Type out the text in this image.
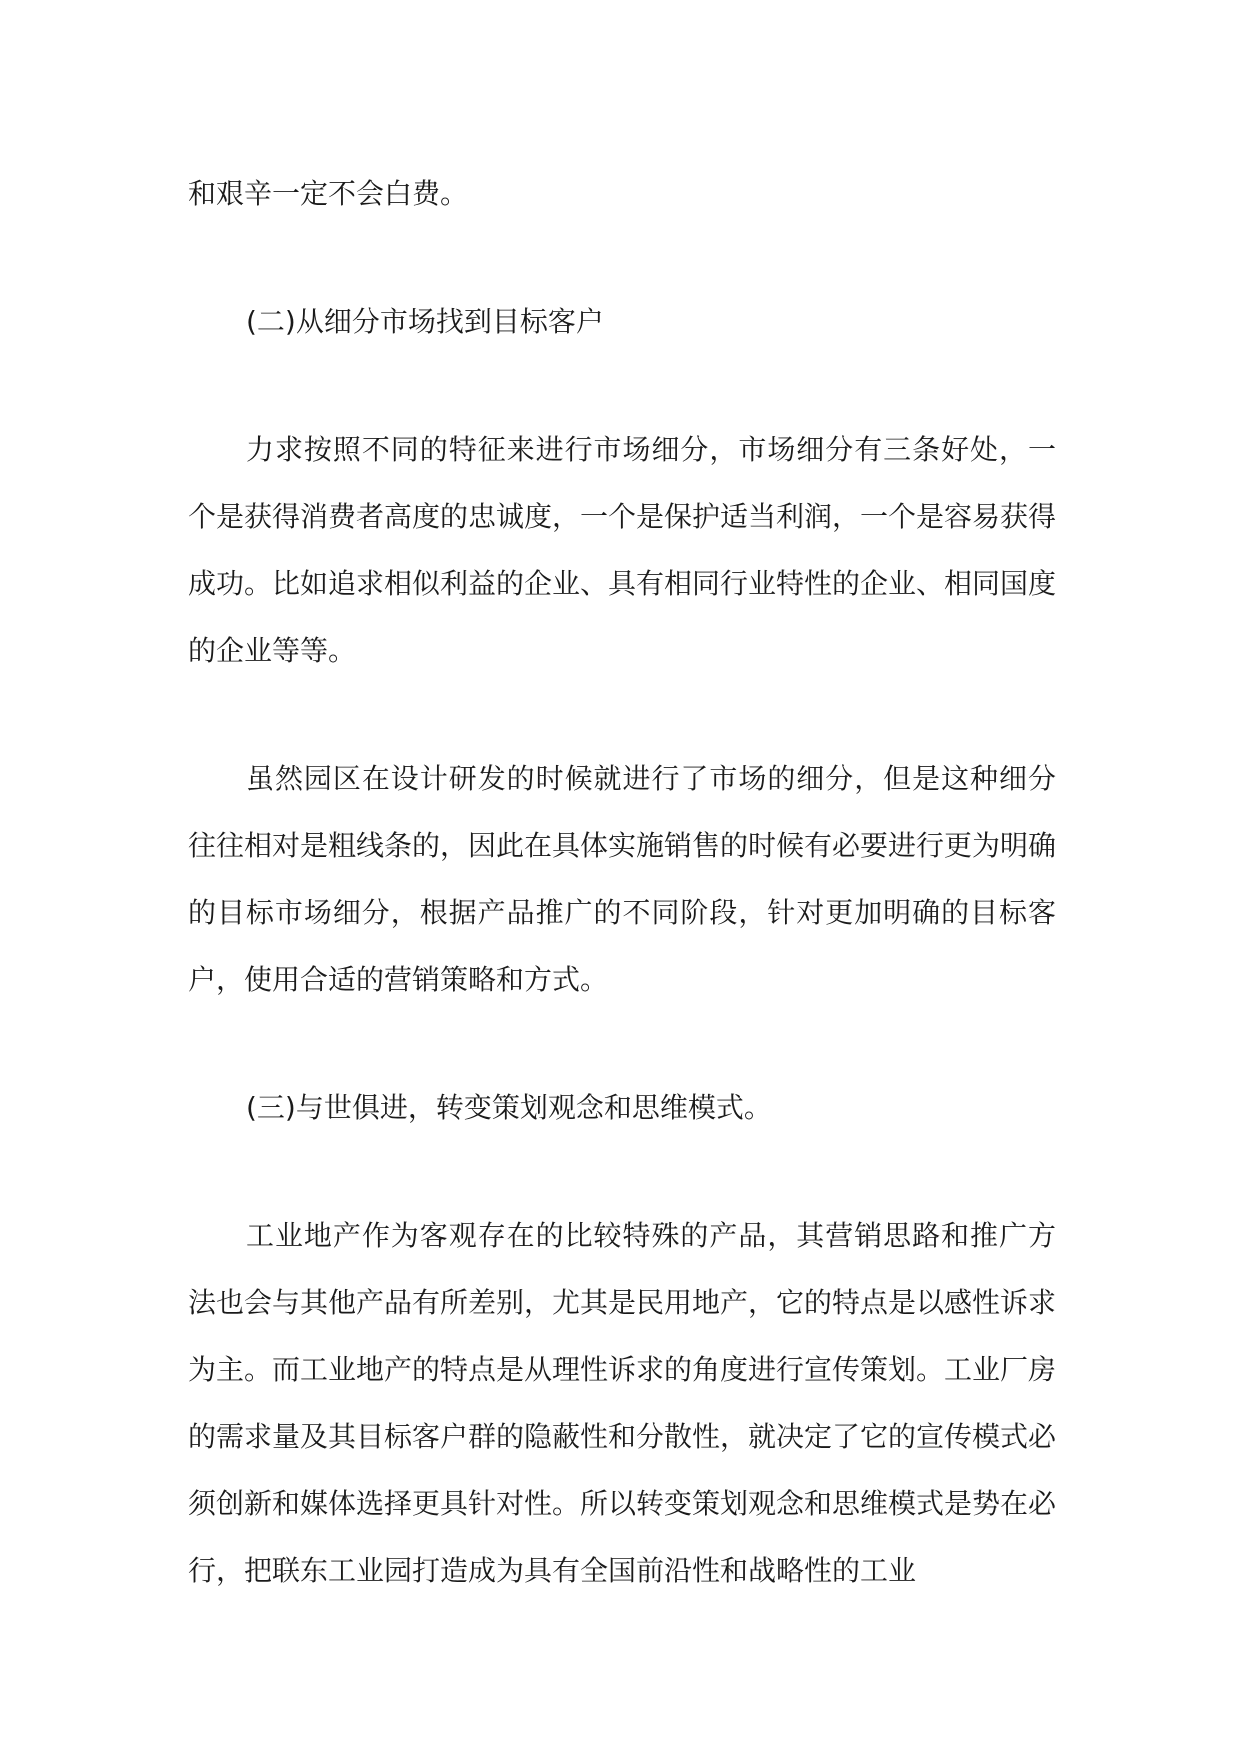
和艰辛一定不会白费。

(二)从细分市场找到目标客户

力求按照不同的特征来进行市场细分，市场细分有三条好处，一个是获得消费者高度的忠诚度，一个是保护适当利润，一个是容易获得成功。比如追求相似利益的企业、具有相同行业特性的企业、相同国度的企业等等。

虽然园区在设计研发的时候就进行了市场的细分，但是这种细分往往相对是粗线条的，因此在具体实施销售的时候有必要进行更为明确的目标市场细分，根据产品推广的不同阶段，针对更加明确的目标客户，使用合适的营销策略和方式。

(三)与世俱进，转变策划观念和思维模式。

工业地产作为客观存在的比较特殊的产品，其营销思路和推广方法也会与其他产品有所差别，尤其是民用地产，它的特点是以感性诉求为主。而工业地产的特点是从理性诉求的角度进行宣传策划。工业厂房的需求量及其目标客户群的隐蔽性和分散性，就决定了它的宣传模式必须创新和媒体选择更具针对性。所以转变策划观念和思维模式是势在必行，把联东工业园打造成为具有全国前沿性和战略性的工业
